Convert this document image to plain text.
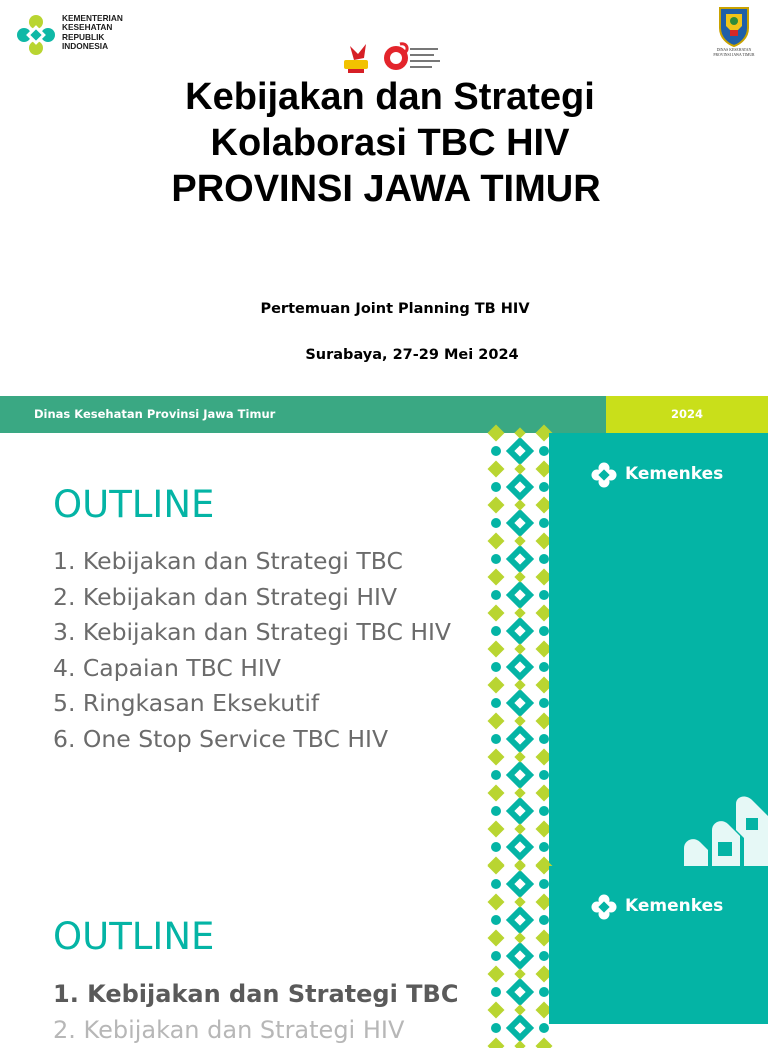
KEMENTERIAN
KESEHATAN
REPUBLIK
INDONESIA	DINAS KESEHATAN
PROVINSI JAWA TIMUR
Kebijakan dan Strategi
Kolaborasi TBC HIV
PROVINSI JAWA TIMUR
Pertemuan Joint Planning TB HIV
Surabaya, 27-29 Mei 2024
Dinas Kesehatan Provinsi Jawa Timur	2024
Kemenkes
OUTLINE
1. Kebijakan dan Strategi TBC
2. Kebijakan dan Strategi HIV
3. Kebijakan dan Strategi TBC HIV
4. Capaian TBC HIV
5. Ringkasan Eksekutif
6. One Stop Service TBC HIV
Kemenkes
OUTLINE
1. Kebijakan dan Strategi TBC
2. Kebijakan dan Strategi HIV
